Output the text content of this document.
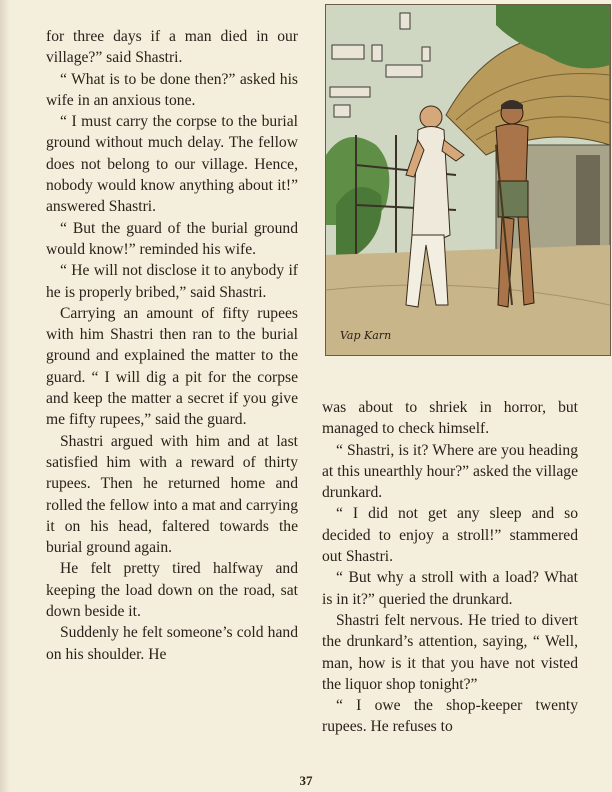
for three days if a man died in our village?” said Shastri.

“ What is to be done then?” asked his wife in an anxious tone.

“ I must carry the corpse to the burial ground without much delay. The fellow does not belong to our village. Hence, nobody would know anything about it!” answered Shastri.

“ But the guard of the burial ground would know!” reminded his wife.

“ He will not disclose it to anybody if he is properly bribed,” said Shastri.

Carrying an amount of fifty rupees with him Shastri then ran to the burial ground and explained the matter to the guard. “ I will dig a pit for the corpse and keep the matter a secret if you give me fifty rupees,” said the guard.

Shastri argued with him and at last satisfied him with a reward of thirty rupees. Then he returned home and rolled the fellow into a mat and carrying it on his head, faltered towards the burial ground again.

He felt pretty tired halfway and keeping the load down on the road, sat down beside it.

Suddenly he felt someone’s cold hand on his shoulder. He

Vap Karn

was about to shriek in horror, but managed to check himself.

“ Shastri, is it? Where are you heading at this unearthly hour?” asked the village drunkard.

“ I did not get any sleep and so decided to enjoy a stroll!” stammered out Shastri.

“ But why a stroll with a load? What is in it?” queried the drunkard.

Shastri felt nervous. He tried to divert the drunkard’s attention, saying, “ Well, man, how is it that you have not visted the liquor shop tonight?”

“ I owe the shop-keeper twenty rupees. He refuses to

37
